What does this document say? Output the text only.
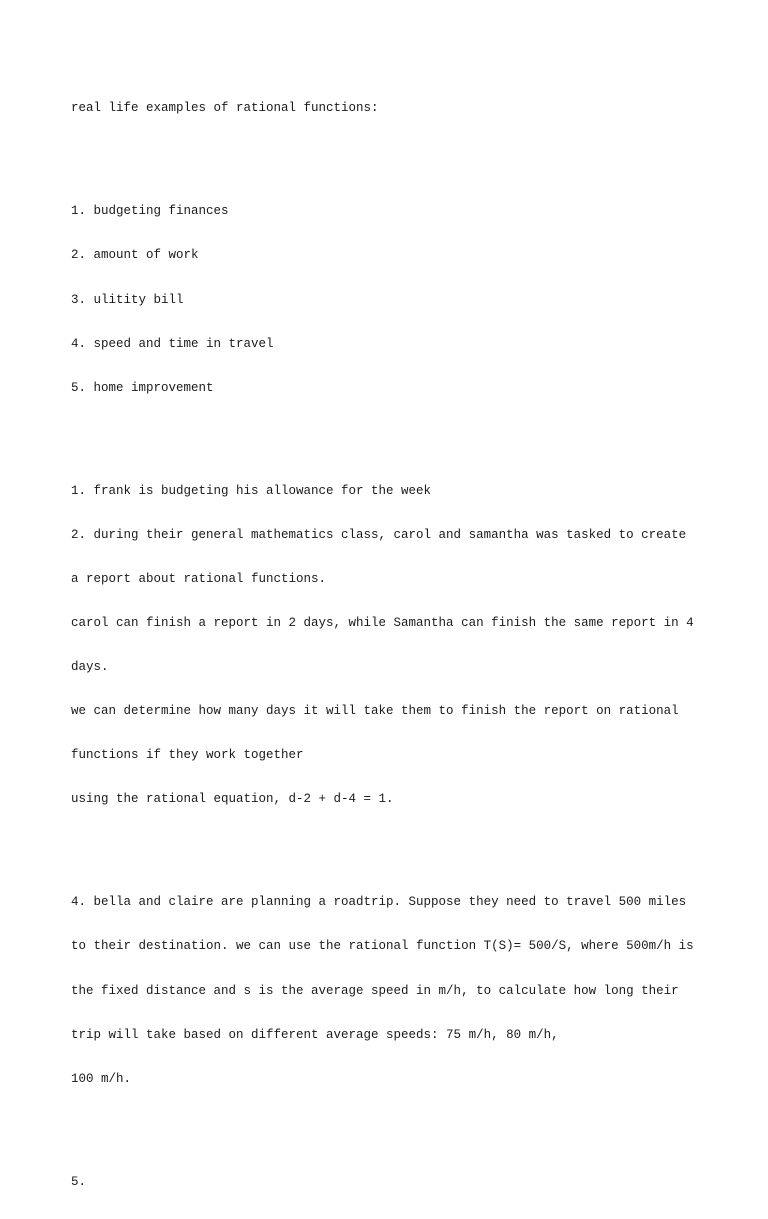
real life examples of rational functions:

1. budgeting finances

2. amount of work

3. ulitity bill

4. speed and time in travel

5. home improvement

1. frank is budgeting his allowance for the week

2. during their general mathematics class, carol and samantha was tasked to create

a report about rational functions.

carol can finish a report in 2 days, while Samantha can finish the same report in 4

days.

we can determine how many days it will take them to finish the report on rational

functions if they work together

using the rational equation, d-2 + d-4 = 1.

4. bella and claire are planning a roadtrip. Suppose they need to travel 500 miles

to their destination. we can use the rational function T(S)= 500/S, where 500m/h is

the fixed distance and s is the average speed in m/h, to calculate how long their

trip will take based on different average speeds: 75 m/h, 80 m/h,

100 m/h.

5.
